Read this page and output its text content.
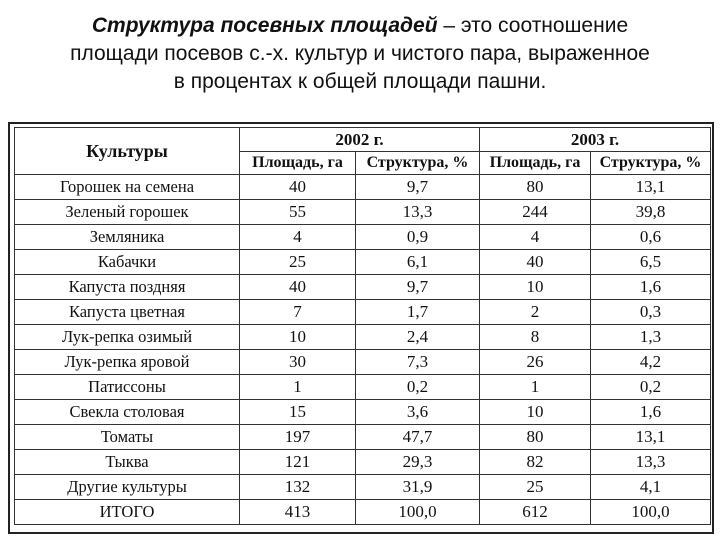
Структура посевных площадей – это соотношение
площади посевов с.-х. культур и чистого пара, выраженное
в процентах к общей площади пашни.
Культуры	2002 г.		2003 г.	
	Площадь, га	Структура, %	Площадь, га	Структура, %
Горошек на семена	40	9,7	80	13,1
Зеленый горошек	55	13,3	244	39,8
Земляника	4	0,9	4	0,6
Кабачки	25	6,1	40	6,5
Капуста поздняя	40	9,7	10	1,6
Капуста цветная	7	1,7	2	0,3
Лук-репка озимый	10	2,4	8	1,3
Лук-репка яровой	30	7,3	26	4,2
Патиссоны	1	0,2	1	0,2
Свекла столовая	15	3,6	10	1,6
Томаты	197	47,7	80	13,1
Тыква	121	29,3	82	13,3
Другие культуры	132	31,9	25	4,1
ИТОГО	413	100,0	612	100,0
